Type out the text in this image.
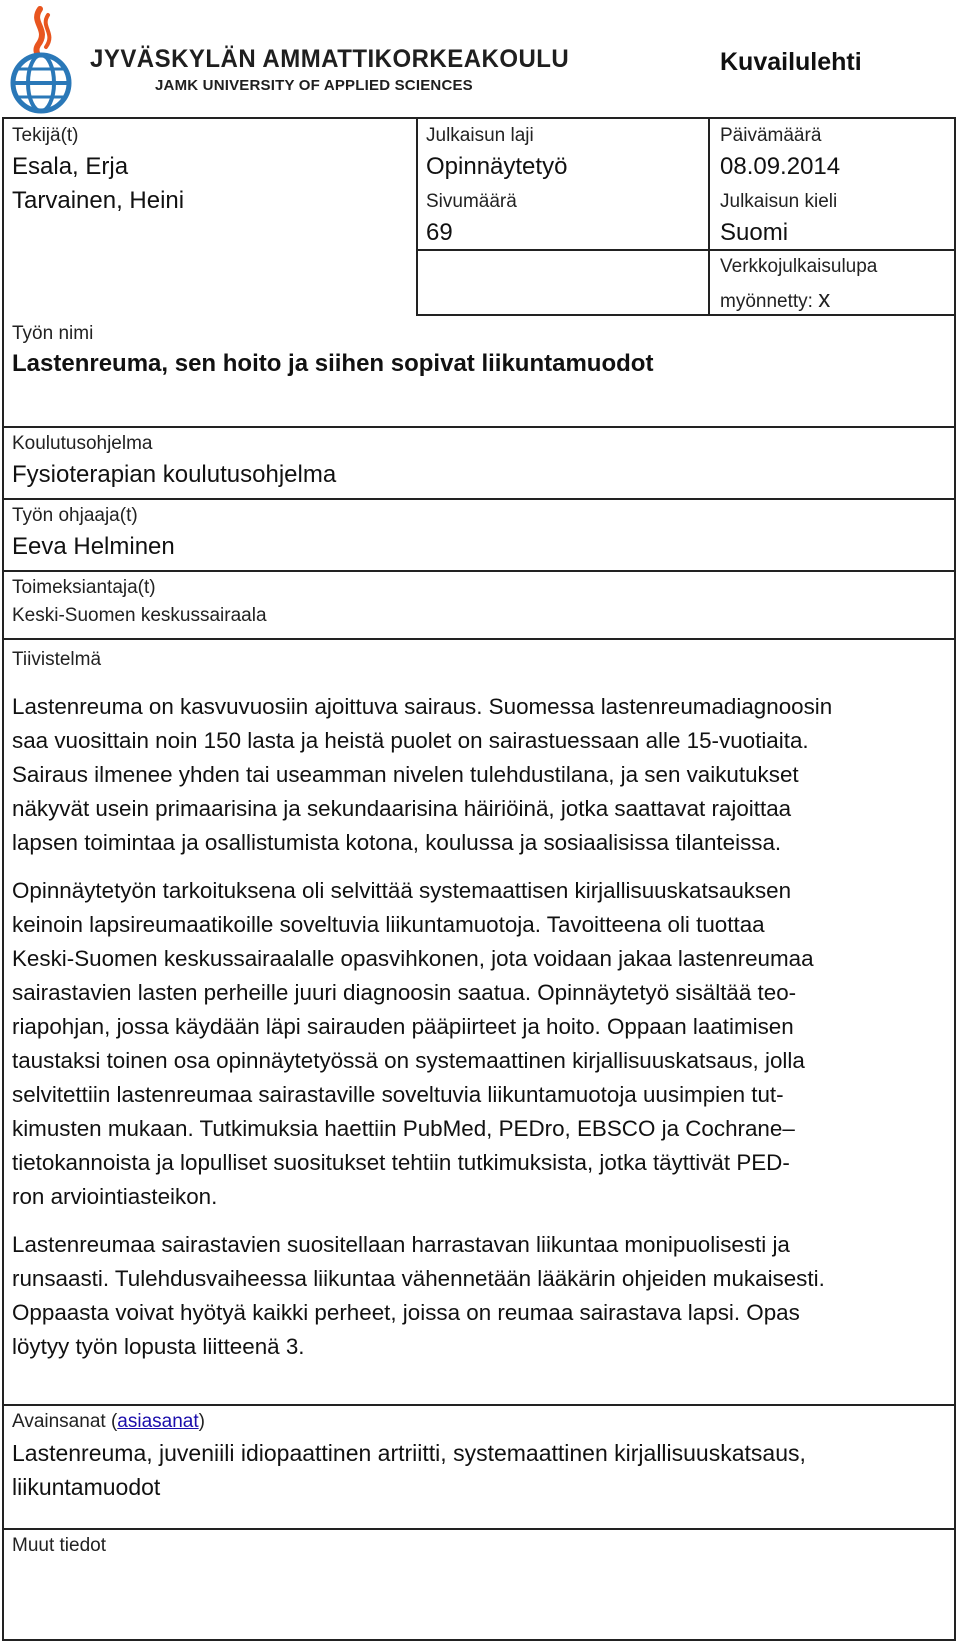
JYVÄSKYLÄN AMMATTIKORKEAKOULU
JAMK UNIVERSITY OF APPLIED SCIENCES
Kuvailulehti
Tekijä(t)
Esala, Erja
Tarvainen, Heini
Julkaisun laji
Opinnäytetyö
Sivumäärä
69
Päivämäärä
08.09.2014
Julkaisun kieli
Suomi
Verkkojulkaisulupa
myönnetty: x
Työn nimi
Lastenreuma, sen hoito ja siihen sopivat liikuntamuodot
Koulutusohjelma
Fysioterapian koulutusohjelma
Työn ohjaaja(t)
Eeva Helminen
Toimeksiantaja(t)
Keski-Suomen keskussairaala
Tiivistelmä

Lastenreuma on kasvuvuosiin ajoittuva sairaus. Suomessa lastenreumadiagnoosin
saa vuosittain noin 150 lasta ja heistä puolet on sairastuessaan alle 15-vuotiaita.
Sairaus ilmenee yhden tai useamman nivelen tulehdustilana, ja sen vaikutukset
näkyvät usein primaarisina ja sekundaarisina häiriöinä, jotka saattavat rajoittaa
lapsen toimintaa ja osallistumista kotona, koulussa ja sosiaalisissa tilanteissa.

Opinnäytetyön tarkoituksena oli selvittää systemaattisen kirjallisuuskatsauksen
keinoin lapsireumaatikoille soveltuvia liikuntamuotoja. Tavoitteena oli tuottaa
Keski-Suomen keskussairaalalle opasvihkonen, jota voidaan jakaa lastenreumaa
sairastavien lasten perheille juuri diagnoosin saatua. Opinnäytetyö sisältää teo-
riapohjan, jossa käydään läpi sairauden pääpiirteet ja hoito. Oppaan laatimisen
taustaksi toinen osa opinnäytetyössä on systemaattinen kirjallisuuskatsaus, jolla
selvitettiin lastenreumaa sairastaville soveltuvia liikuntamuotoja uusimpien tut-
kimusten mukaan. Tutkimuksia haettiin PubMed, PEDro, EBSCO ja Cochrane–
tietokannoista ja lopulliset suositukset tehtiin tutkimuksista, jotka täyttivät PED-
ron arviointiasteikon.

Lastenreumaa sairastavien suositellaan harrastavan liikuntaa monipuolisesti ja
runsaasti. Tulehdusvaiheessa liikuntaa vähennetään lääkärin ohjeiden mukaisesti.
Oppaasta voivat hyötyä kaikki perheet, joissa on reumaa sairastava lapsi. Opas
löytyy työn lopusta liitteenä 3.

Avainsanat (asiasanat)
Lastenreuma, juveniili idiopaattinen artriitti, systemaattinen kirjallisuuskatsaus,
liikuntamuodot
Muut tiedot
